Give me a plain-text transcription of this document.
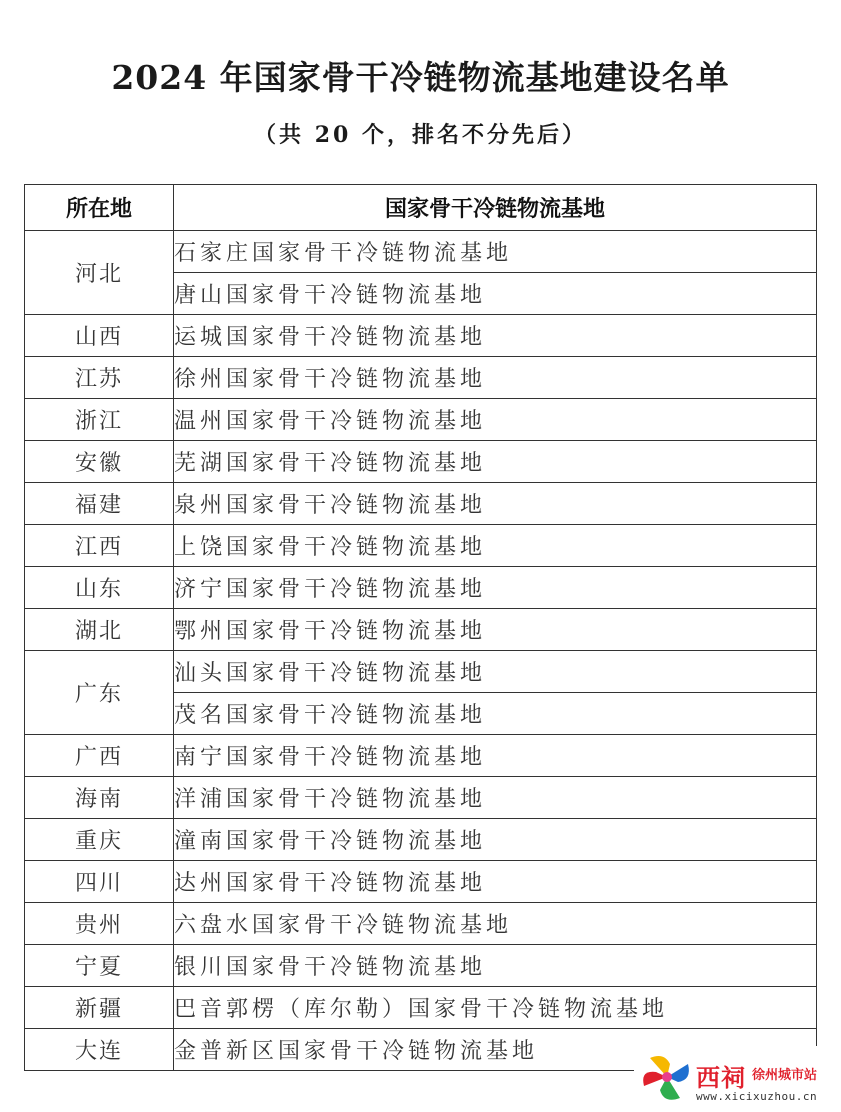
2024 年国家骨干冷链物流基地建设名单
（共 20 个，排名不分先后）
所在地	国家骨干冷链物流基地
河北	石家庄国家骨干冷链物流基地
	唐山国家骨干冷链物流基地
山西	运城国家骨干冷链物流基地
江苏	徐州国家骨干冷链物流基地
浙江	温州国家骨干冷链物流基地
安徽	芜湖国家骨干冷链物流基地
福建	泉州国家骨干冷链物流基地
江西	上饶国家骨干冷链物流基地
山东	济宁国家骨干冷链物流基地
湖北	鄂州国家骨干冷链物流基地
广东	汕头国家骨干冷链物流基地
	茂名国家骨干冷链物流基地
广西	南宁国家骨干冷链物流基地
海南	洋浦国家骨干冷链物流基地
重庆	潼南国家骨干冷链物流基地
四川	达州国家骨干冷链物流基地
贵州	六盘水国家骨干冷链物流基地
宁夏	银川国家骨干冷链物流基地
新疆	巴音郭楞（库尔勒）国家骨干冷链物流基地
大连	金普新区国家骨干冷链物流基地
西祠 徐州城市站
www.xicixuzhou.cn
